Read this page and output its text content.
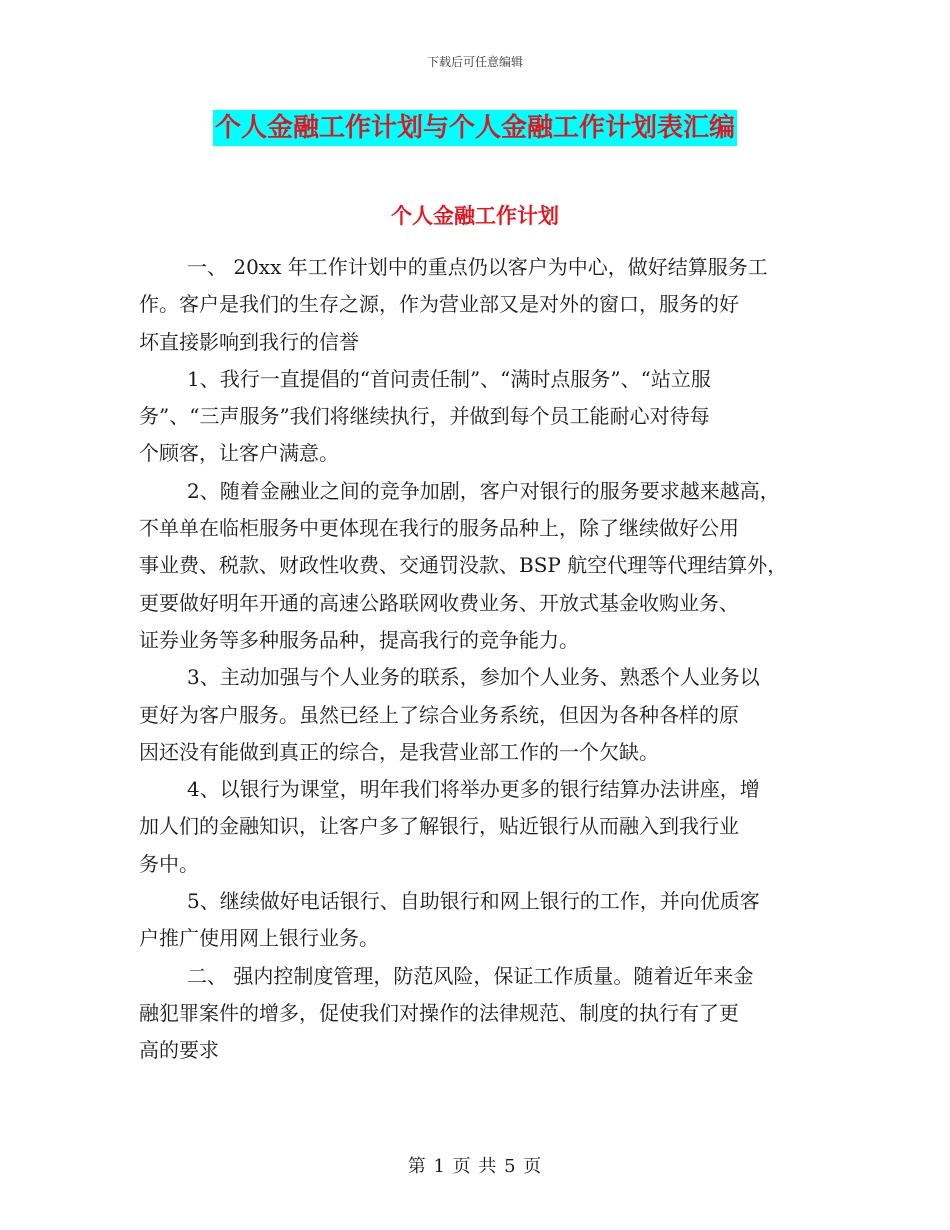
下载后可任意编辑
个人金融工作计划与个人金融工作计划表汇编
个人金融工作计划
一、 20xx 年工作计划中的重点仍以客户为中心，做好结算服务工
作。客户是我们的生存之源，作为营业部又是对外的窗口，服务的好
坏直接影响到我行的信誉
1、我行一直提倡的“首问责任制”、“满时点服务”、“站立服
务”、“三声服务”我们将继续执行，并做到每个员工能耐心对待每
个顾客，让客户满意。
2、随着金融业之间的竞争加剧，客户对银行的服务要求越来越高，
不单单在临柜服务中更体现在我行的服务品种上，除了继续做好公用
事业费、税款、财政性收费、交通罚没款、BSP 航空代理等代理结算外，
更要做好明年开通的高速公路联网收费业务、开放式基金收购业务、
证券业务等多种服务品种，提高我行的竞争能力。
3、主动加强与个人业务的联系，参加个人业务、熟悉个人业务以
更好为客户服务。虽然已经上了综合业务系统，但因为各种各样的原
因还没有能做到真正的综合，是我营业部工作的一个欠缺。
4、以银行为课堂，明年我们将举办更多的银行结算办法讲座，增
加人们的金融知识，让客户多了解银行，贴近银行从而融入到我行业
务中。
5、继续做好电话银行、自助银行和网上银行的工作，并向优质客
户推广使用网上银行业务。
二、 强内控制度管理，防范风险，保证工作质量。随着近年来金
融犯罪案件的增多，促使我们对操作的法律规范、制度的执行有了更
高的要求
第 1 页 共 5 页
